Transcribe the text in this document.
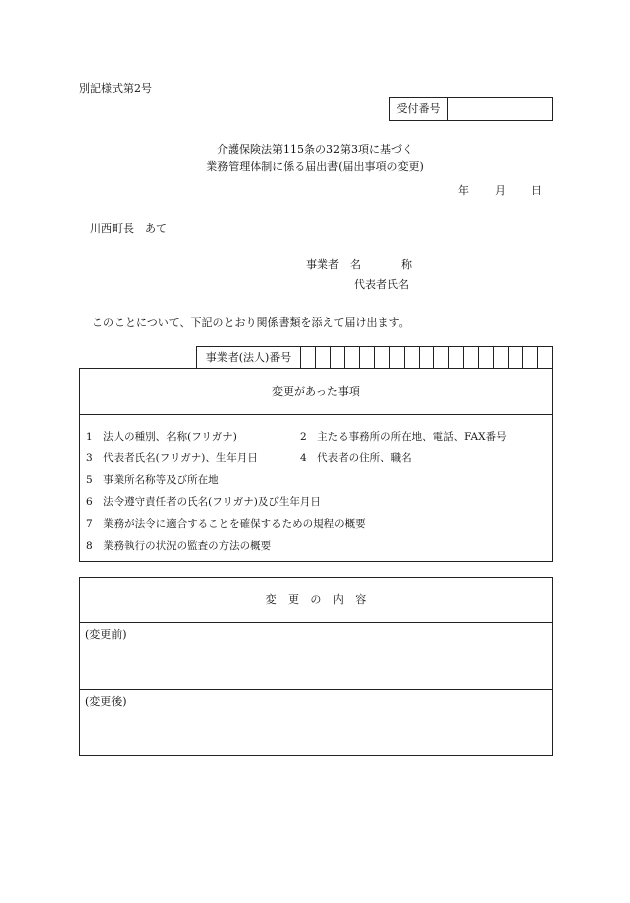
別記様式第2号
受付番号
介護保険法第115条の32第3項に基づく
業務管理体制に係る届出書(届出事項の変更)
年 月 日
川西町長　あて
事業者　名	称
代表者氏名
このことについて、下記のとおり関係書類を添えて届け出ます。
事業者(法人)番号
変更があった事項
1　法人の種別、名称(フリガナ)	2　主たる事務所の所在地、電話、FAX番号
3　代表者氏名(フリガナ)、生年月日	4　代表者の住所、職名
5　事業所名称等及び所在地
6　法令遵守責任者の氏名(フリガナ)及び生年月日
7　業務が法令に適合することを確保するための規程の概要
8　業務執行の状況の監査の方法の概要
変　更　の　内　容
(変更前)
(変更後)
